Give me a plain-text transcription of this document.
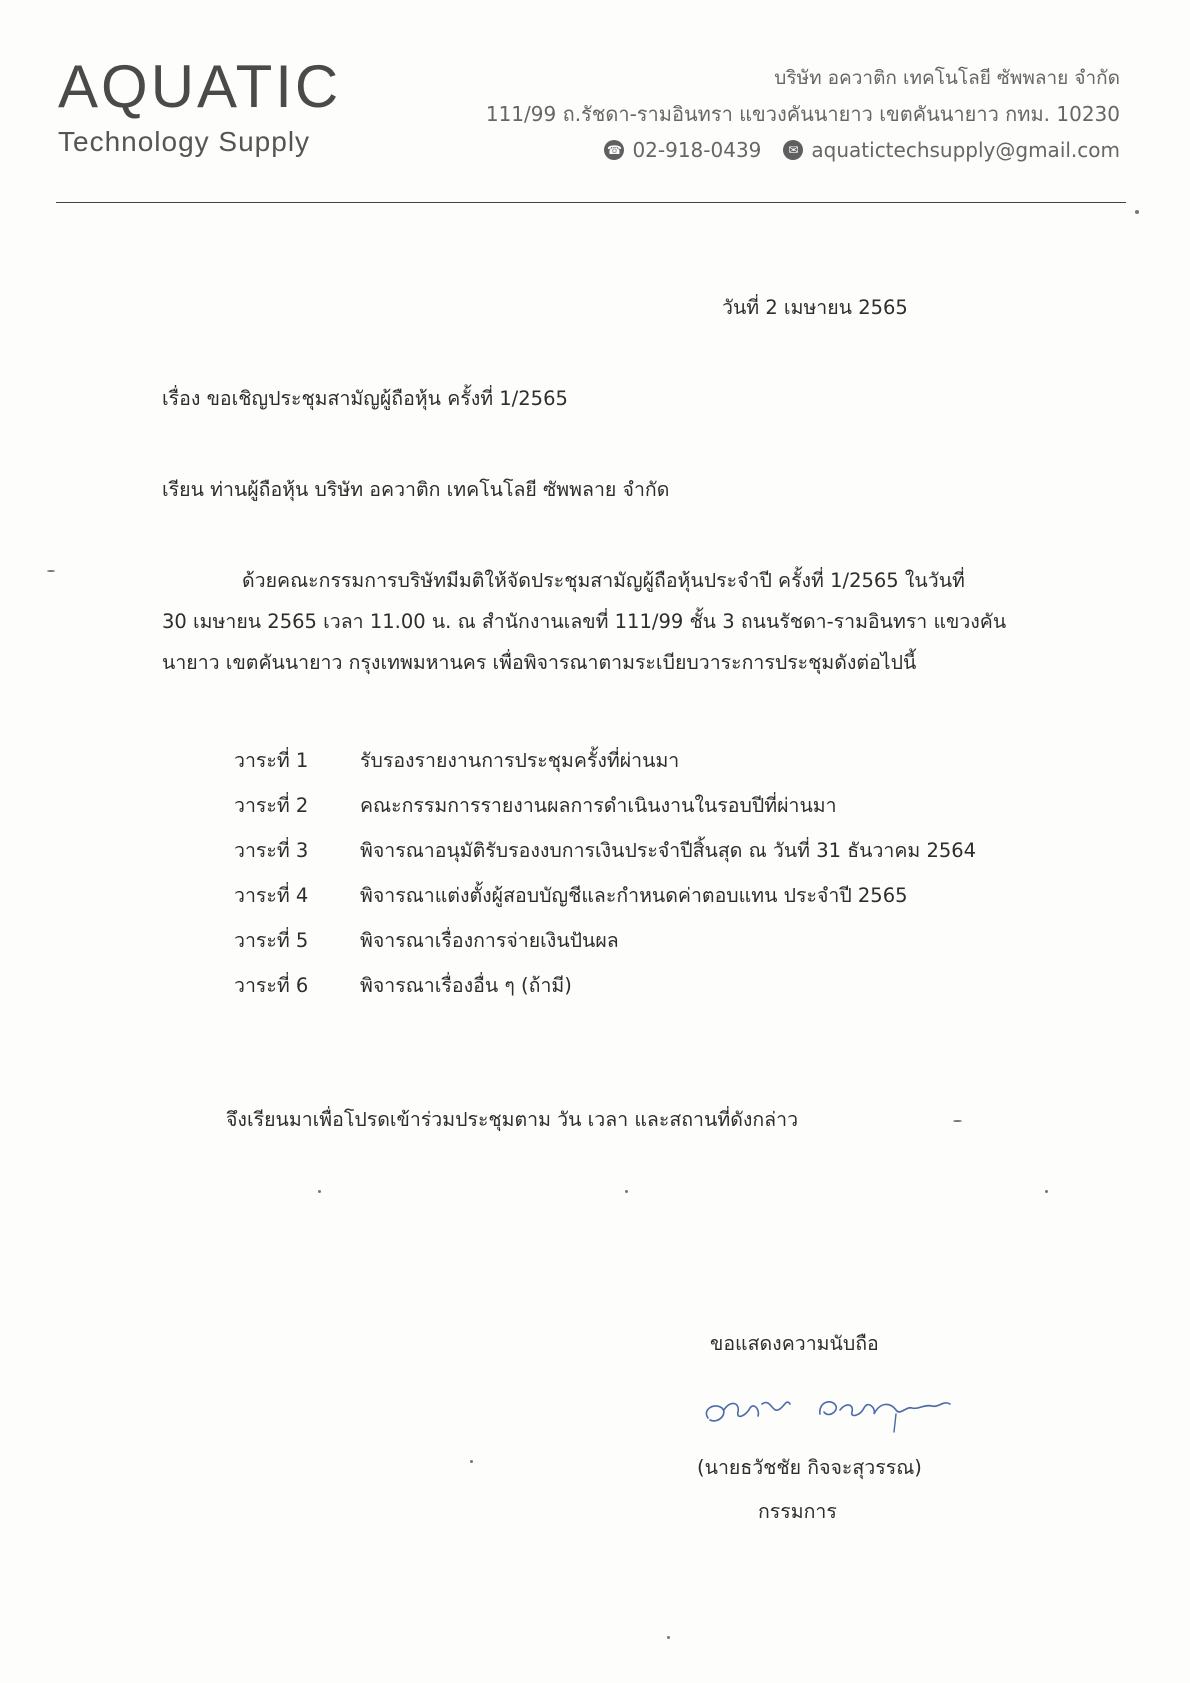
AQUATIC
Technology Supply
บริษัท อควาติก เทคโนโลยี ซัพพลาย จำกัด
111/99 ถ.รัชดา-รามอินทรา แขวงคันนายาว เขตคันนายาว กทม. 10230
☎ 02-918-0439	✉ aquatictechsupply@gmail.com
วันที่ 2 เมษายน 2565
เรื่อง ขอเชิญประชุมสามัญผู้ถือหุ้น ครั้งที่ 1/2565
เรียน ท่านผู้ถือหุ้น บริษัท อควาติก เทคโนโลยี ซัพพลาย จำกัด
ด้วยคณะกรรมการบริษัทมีมติให้จัดประชุมสามัญผู้ถือหุ้นประจำปี ครั้งที่ 1/2565 ในวันที่
30 เมษายน 2565 เวลา 11.00 น. ณ สำนักงานเลขที่ 111/99 ชั้น 3 ถนนรัชดา-รามอินทรา แขวงคัน
นายาว เขตคันนายาว กรุงเทพมหานคร เพื่อพิจารณาตามระเบียบวาระการประชุมดังต่อไปนี้
วาระที่ 1	รับรองรายงานการประชุมครั้งที่ผ่านมา
วาระที่ 2	คณะกรรมการรายงานผลการดำเนินงานในรอบปีที่ผ่านมา
วาระที่ 3	พิจารณาอนุมัติรับรองงบการเงินประจำปีสิ้นสุด ณ วันที่ 31 ธันวาคม 2564
วาระที่ 4	พิจารณาแต่งตั้งผู้สอบบัญชีและกำหนดค่าตอบแทน ประจำปี 2565
วาระที่ 5	พิจารณาเรื่องการจ่ายเงินปันผล
วาระที่ 6	พิจารณาเรื่องอื่น ๆ (ถ้ามี)
จึงเรียนมาเพื่อโปรดเข้าร่วมประชุมตาม วัน เวลา และสถานที่ดังกล่าว
ขอแสดงความนับถือ
(นายธวัชชัย กิจจะสุวรรณ)
กรรมการ
